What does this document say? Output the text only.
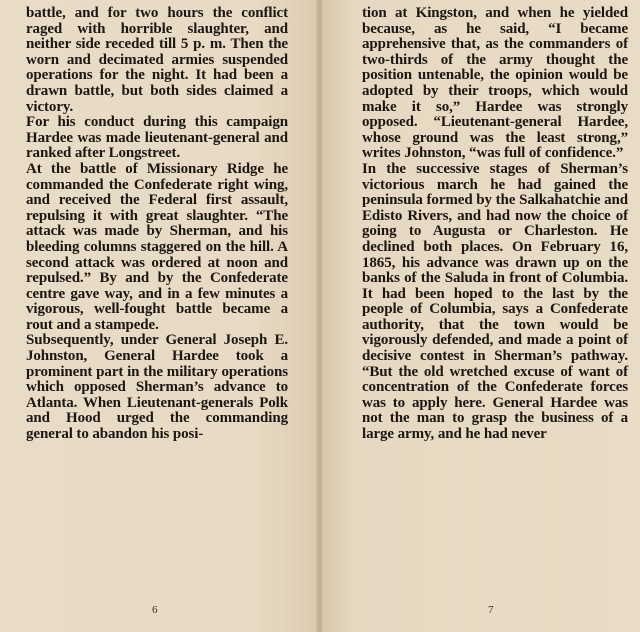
battle, and for two hours the conflict raged with horrible slaughter, and neither side receded till 5 p. m. Then the worn and decimated armies suspended operations for the night. It had been a drawn battle, but both sides claimed a victory.

For his conduct during this campaign Hardee was made lieutenant-general and ranked after Longstreet.

At the battle of Missionary Ridge he commanded the Confederate right wing, and received the Federal first assault, repulsing it with great slaughter. “The attack was made by Sherman, and his bleeding columns staggered on the hill. A second attack was ordered at noon and repulsed.” By and by the Confederate centre gave way, and in a few minutes a vigorous, well-fought battle became a rout and a stampede.

Subsequently, under General Joseph E. Johnston, General Hardee took a prominent part in the military operations which opposed Sherman’s advance to Atlanta. When Lieutenant-generals Polk and Hood urged the commanding general to abandon his posi-

6

tion at Kingston, and when he yielded because, as he said, “I became apprehensive that, as the commanders of two-thirds of the army thought the position untenable, the opinion would be adopted by their troops, which would make it so,” Hardee was strongly opposed. “Lieutenant-general Hardee, whose ground was the least strong,” writes Johnston, “was full of confidence.”

In the successive stages of Sherman’s victorious march he had gained the peninsula formed by the Salkahatchie and Edisto Rivers, and had now the choice of going to Augusta or Charleston. He declined both places. On February 16, 1865, his advance was drawn up on the banks of the Saluda in front of Columbia. It had been hoped to the last by the people of Columbia, says a Confederate authority, that the town would be vigorously defended, and made a point of decisive contest in Sherman’s pathway. “But the old wretched excuse of want of concentration of the Confederate forces was to apply here. General Hardee was not the man to grasp the business of a large army, and he had never

7
